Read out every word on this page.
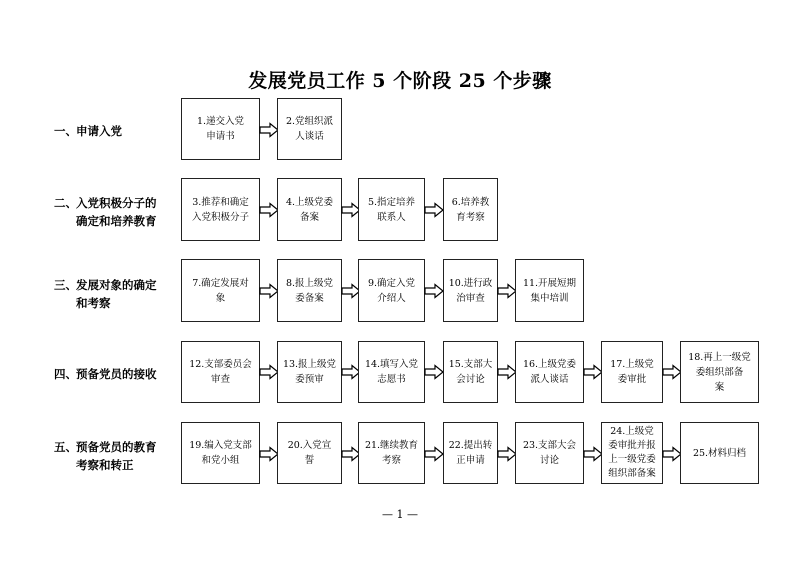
发展党员工作 5 个阶段 25 个步骤
一、申请入党
1.递交入党
申请书
2.党组织派
人谈话
二、入党积极分子的
确定和培养教育
3.推荐和确定
入党积极分子
4.上级党委
备案
5.指定培养
联系人
6.培养教
育考察
三、发展对象的确定
和考察
7.确定发展对
象
8.报上级党
委备案
9.确定入党
介绍人
10.进行政
治审查
11.开展短期
集中培训
四、预备党员的接收
12.支部委员会
审查
13.报上级党
委预审
14.填写入党
志愿书
15.支部大
会讨论
16.上级党委
派人谈话
17.上级党
委审批
18.再上一级党
委组织部备
案
五、预备党员的教育
考察和转正
19.编入党支部
和党小组
20.入党宣
誓
21.继续教育
考察
22.提出转
正申请
23.支部大会
讨论
24.上级党
委审批并报
上一级党委
组织部备案
25.材料归档
— 1 —
